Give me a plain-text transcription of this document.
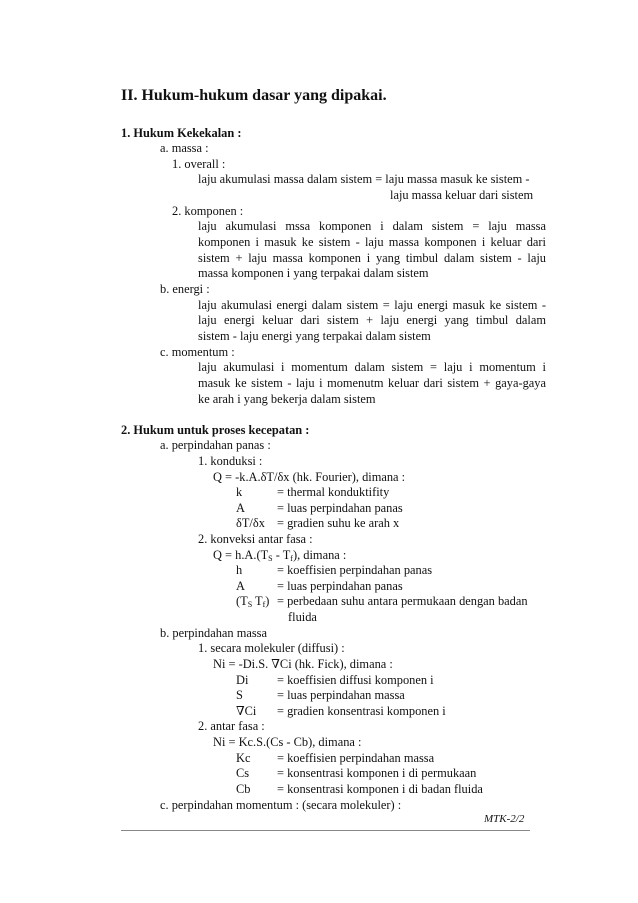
II. Hukum-hukum dasar yang dipakai.
1. Hukum Kekekalan :
a. massa :
1. overall :
laju akumulasi massa dalam sistem = laju massa masuk ke sistem -
laju massa keluar dari sistem
2. komponen :
laju akumulasi mssa komponen i dalam sistem = laju massa
komponen i masuk ke sistem - laju massa komponen i keluar dari
sistem + laju massa komponen i yang timbul dalam sistem - laju
massa komponen i yang terpakai dalam sistem
b. energi :
laju akumulasi energi dalam sistem = laju energi masuk ke sistem -
laju energi keluar dari sistem + laju energi yang timbul dalam
sistem - laju energi yang terpakai dalam sistem
c. momentum :
laju akumulasi i momentum dalam sistem = laju i momentum i
masuk ke sistem - laju i momenutm keluar dari sistem + gaya-gaya
ke arah i yang bekerja dalam sistem
2. Hukum untuk proses kecepatan :
a. perpindahan panas :
1. konduksi :
Q = -k.A.δT/δx (hk. Fourier), dimana :
k	= thermal konduktifity
A	= luas perpindahan panas
δT/δx = gradien suhu ke arah x
2. konveksi antar fasa :
$Q = h.A.(T_S - T_f)$, dimana :
h	= koeffisien perpindahan panas
A	= luas perpindahan panas
($T_S$ $T_f$) = perbedaan suhu antara permukaan dengan badan
fluida
b. perpindahan massa
1. secara molekuler (diffusi) :
Ni = -Di.S. ∇Ci (hk. Fick), dimana :
Di = koeffisien diffusi komponen i
S	= luas perpindahan massa
∇Ci = gradien konsentrasi komponen i
2. antar fasa :
Ni = Kc.S.(Cs - Cb), dimana :
Kc = koeffisien perpindahan massa
Cs = konsentrasi komponen i di permukaan
Cb = konsentrasi komponen i di badan fluida
c. perpindahan momentum : (secara molekuler) :
MTK-2/2
